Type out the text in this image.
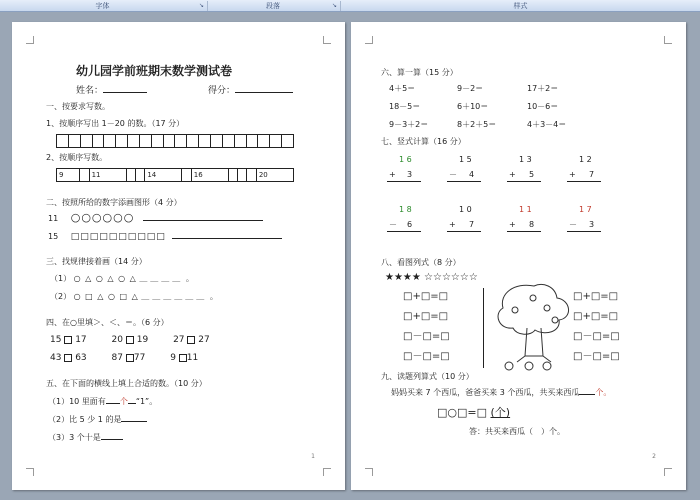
字体	↘	段落	↘	样式
幼儿园学前班期末数学测试卷
姓名：	得分：
一、按要求写数。
1、按顺序写出 1－20 的数。（17 分）

2、按顺序写数。
9		11			14		16				20
二、按照所给的数字添画图形（4 分）
11 ○○○○○○
15 □□□□□□□□□□
三、找规律接着画（14 分）
（1） ○ △ ○ △ ○ △ ＿＿＿＿ 。
（2） ○ □ △ ○ □ △ ＿＿＿＿＿＿ 。
四、在○里填＞、＜、＝。（6 分）
15 17	20 19	27 27
43 63	87 77	9 11
五、在下面的横线上填上合适的数。（10 分）
（1）10 里面有 个 “1”。
（2）比 5 少 1 的是
（3）3 个十是
1
六、算一算（15 分）
4＋5＝	9－2＝	17＋2＝
18－5＝	6＋10＝	10－6＝
9－3＋2＝	8＋2＋5＝	4＋3－4＝
七、竖式计算（16 分）
1 6
+ 3
1 5
－ 4
1 3
+ 5
1 2
+ 7
1 8
－ 6
1 0
+ 7
1 1
+ 8
1 7
－ 3
八、看图列式（8 分）
★★★★ ☆☆☆☆☆☆
□+□=□
□+□=□
□－□=□
□－□=□
□+□=□
□+□=□
□－□=□
□－□=□
九、读题列算式（10 分）
妈妈买来 7 个西瓜，爸爸买来 3 个西瓜，共买来西瓜 个。
□○□=□ (个)
答：共买来西瓜（　）个。
2
